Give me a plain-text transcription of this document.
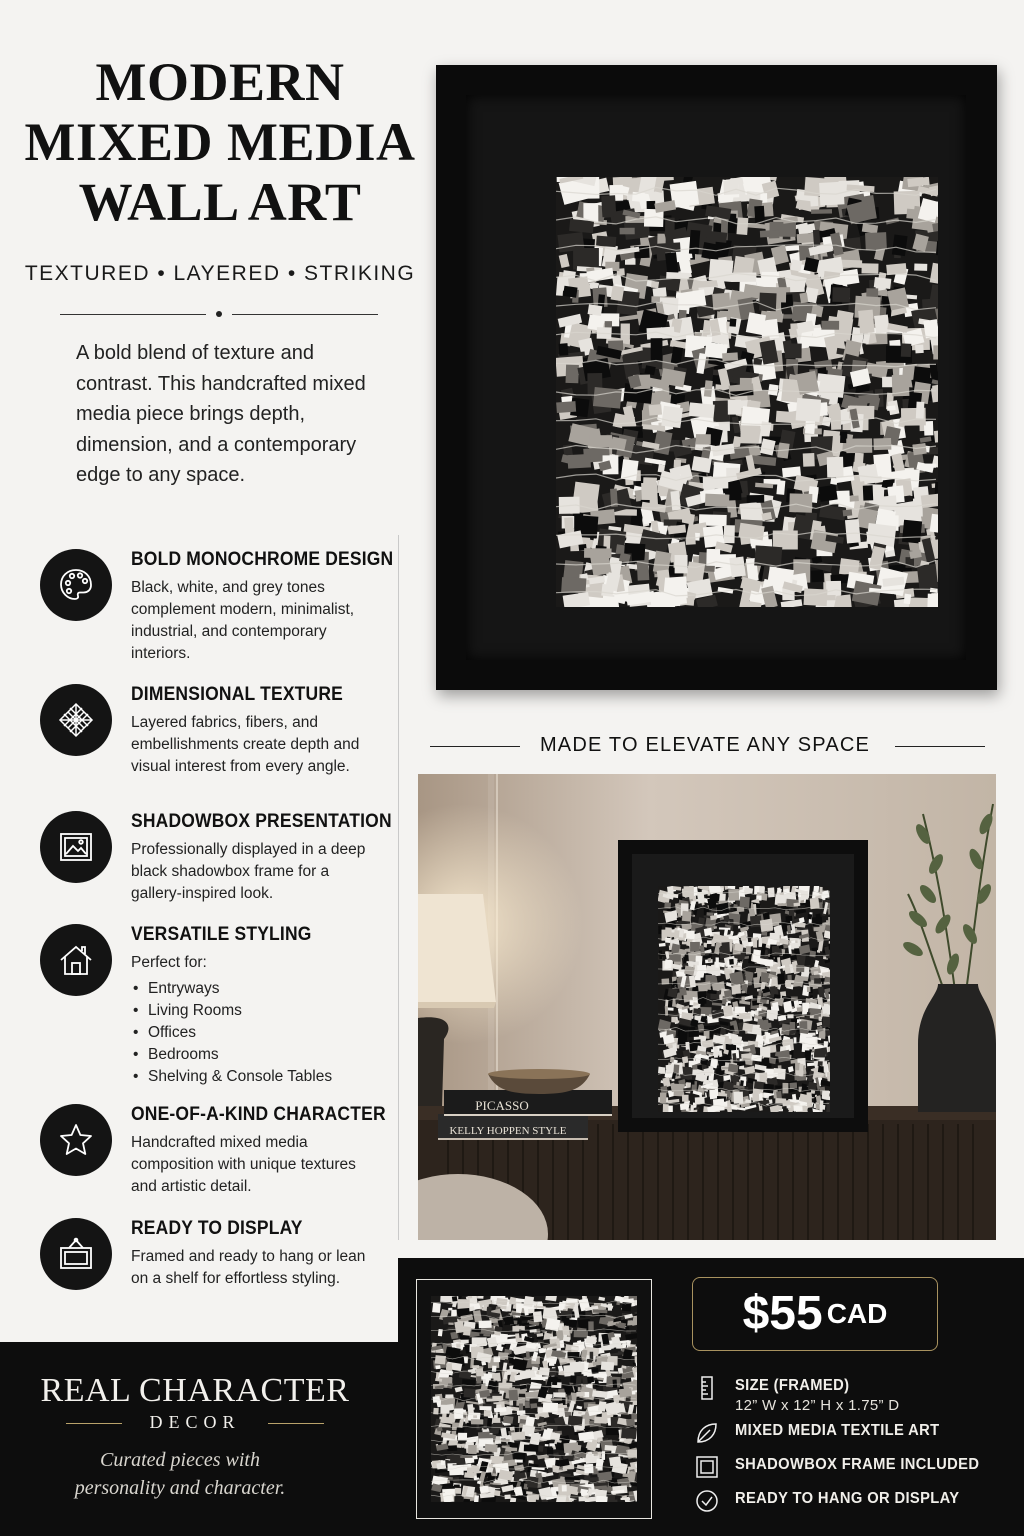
MODERN
MIXED MEDIA
WALL ART
TEXTURED • LAYERED • STRIKING

A bold blend of texture and contrast. This handcrafted mixed media piece brings depth, dimension, and a contemporary edge to any space.

BOLD MONOCHROME DESIGN
Black, white, and grey tones complement modern, minimalist, industrial, and contemporary interiors.
DIMENSIONAL TEXTURE
Layered fabrics, fibers, and embellishments create depth and visual interest from every angle.
SHADOWBOX PRESENTATION
Professionally displayed in a deep black shadowbox frame for a gallery-inspired look.
VERSATILE STYLING
Perfect for:
• Entryways
• Living Rooms
• Offices
• Bedrooms
• Shelving & Console Tables
ONE-OF-A-KIND CHARACTER
Handcrafted mixed media composition with unique textures and artistic detail.
READY TO DISPLAY
Framed and ready to hang or lean on a shelf for effortless styling.
REAL CHARACTER
DECOR
Curated pieces with
personality and character.
MADE TO ELEVATE ANY SPACE
PICASSO
KELLY HOPPEN STYLE
$55 CAD
SIZE (FRAMED)
12” W x 12” H x 1.75” D
MIXED MEDIA TEXTILE ART
SHADOWBOX FRAME INCLUDED
READY TO HANG OR DISPLAY
